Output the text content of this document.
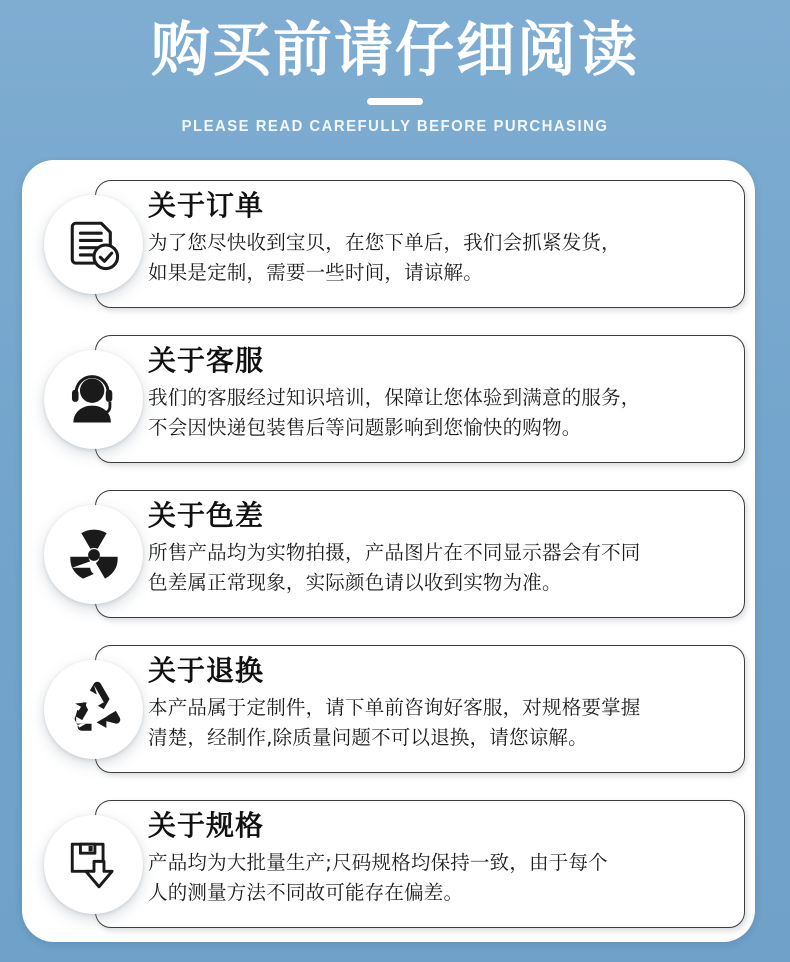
购买前请仔细阅读

PLEASE READ CAREFULLY BEFORE PURCHASING

关于订单

为了您尽快收到宝贝，在您下单后，我们会抓紧发货，
如果是定制，需要一些时间，请谅解。

关于客服

我们的客服经过知识培训，保障让您体验到满意的服务，
不会因快递包装售后等问题影响到您愉快的购物。

关于色差

所售产品均为实物拍摄，产品图片在不同显示器会有不同
色差属正常现象，实际颜色请以收到实物为准。

关于退换

本产品属于定制件，请下单前咨询好客服，对规格要掌握
清楚，经制作,除质量问题不可以退换，请您谅解。

关于规格

产品均为大批量生产;尺码规格均保持一致，由于每个
人的测量方法不同故可能存在偏差。
